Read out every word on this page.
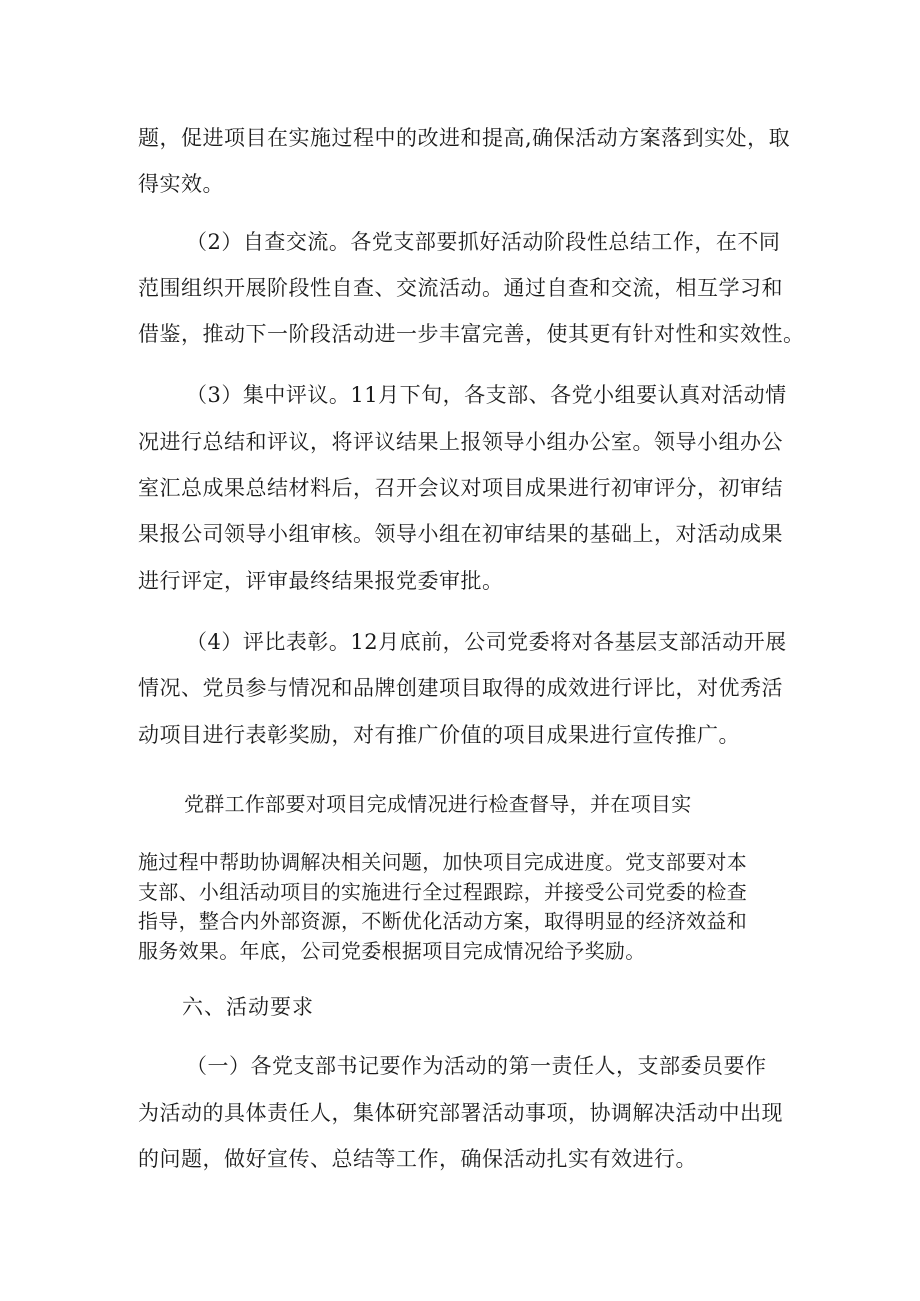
题，促进项目在实施过程中的改进和提高,确保活动方案落到实处，取
得实效。
（2）自查交流。各党支部要抓好活动阶段性总结工作，在不同
范围组织开展阶段性自查、交流活动。通过自查和交流，相互学习和
借鉴，推动下一阶段活动进一步丰富完善，使其更有针对性和实效性。
（3）集中评议。11月下旬，各支部、各党小组要认真对活动情
况进行总结和评议，将评议结果上报领导小组办公室。领导小组办公
室汇总成果总结材料后，召开会议对项目成果进行初审评分，初审结
果报公司领导小组审核。领导小组在初审结果的基础上，对活动成果
进行评定，评审最终结果报党委审批。
（4）评比表彰。12月底前，公司党委将对各基层支部活动开展
情况、党员参与情况和品牌创建项目取得的成效进行评比，对优秀活
动项目进行表彰奖励，对有推广价值的项目成果进行宣传推广。
党群工作部要对项目完成情况进行检查督导，并在项目实
施过程中帮助协调解决相关问题，加快项目完成进度。党支部要对本
支部、小组活动项目的实施进行全过程跟踪，并接受公司党委的检查
指导，整合内外部资源，不断优化活动方案，取得明显的经济效益和
服务效果。年底，公司党委根据项目完成情况给予奖励。
六、活动要求
（一）各党支部书记要作为活动的第一责任人，支部委员要作
为活动的具体责任人，集体研究部署活动事项，协调解决活动中出现
的问题，做好宣传、总结等工作，确保活动扎实有效进行。
